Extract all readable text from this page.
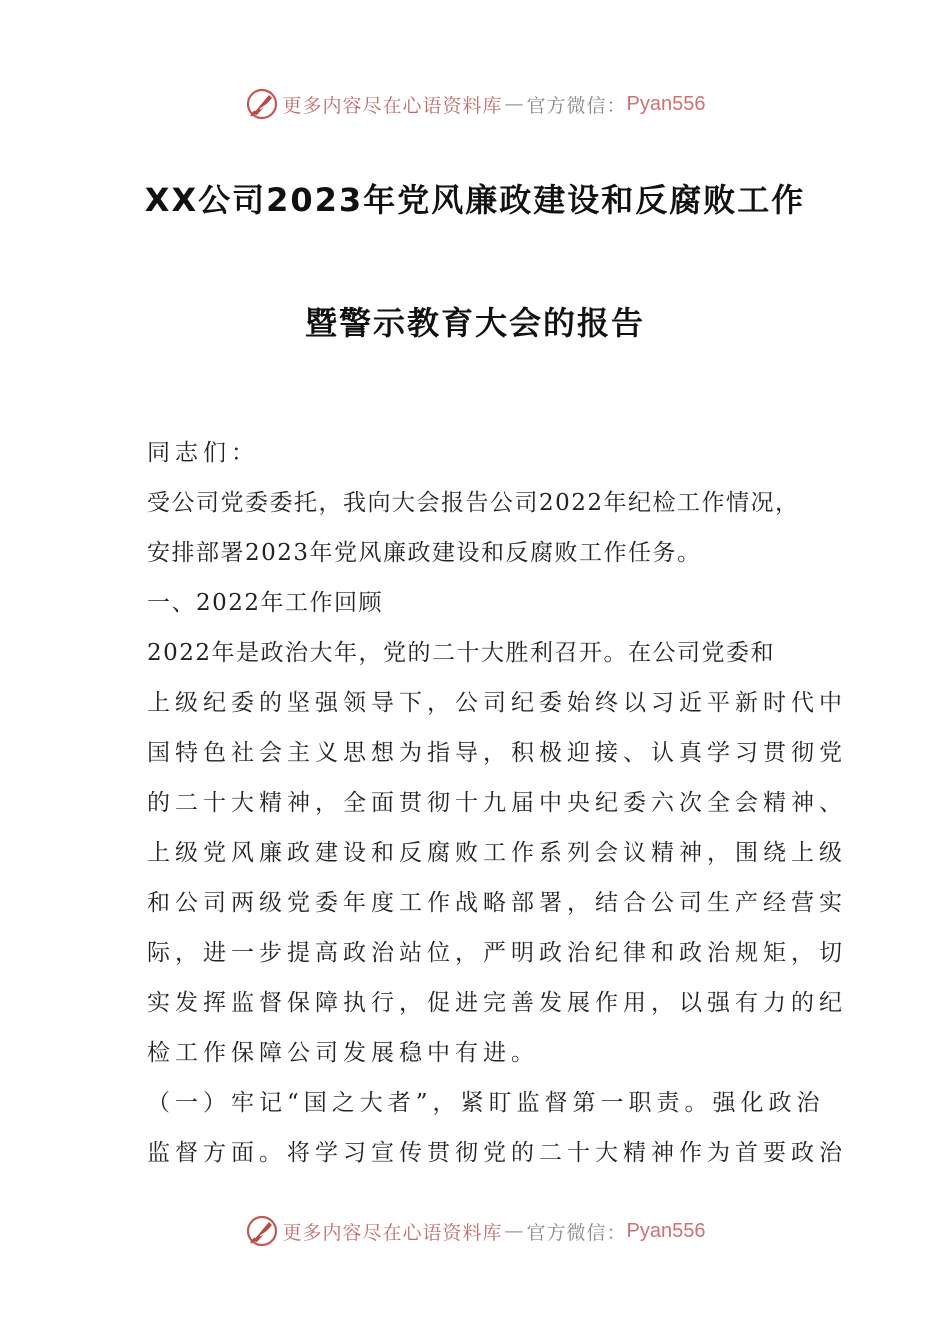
更多内容尽在心语资料库 — 官方微信： Pyan556
XX公司2023年党风廉政建设和反腐败工作
暨警示教育大会的报告
同志们：
受公司党委委托，我向大会报告公司2022年纪检工作情况，
安排部署2023年党风廉政建设和反腐败工作任务。
一、2022年工作回顾
2022年是政治大年，党的二十大胜利召开。在公司党委和
上级纪委的坚强领导下，公司纪委始终以习近平新时代中
国特色社会主义思想为指导，积极迎接、认真学习贯彻党
的二十大精神，全面贯彻十九届中央纪委六次全会精神、
上级党风廉政建设和反腐败工作系列会议精神，围绕上级
和公司两级党委年度工作战略部署，结合公司生产经营实
际，进一步提高政治站位，严明政治纪律和政治规矩，切
实发挥监督保障执行，促进完善发展作用，以强有力的纪
检工作保障公司发展稳中有进。
（一）牢记“国之大者”，紧盯监督第一职责。强化政治
监督方面。将学习宣传贯彻党的二十大精神作为首要政治
更多内容尽在心语资料库 — 官方微信： Pyan556
